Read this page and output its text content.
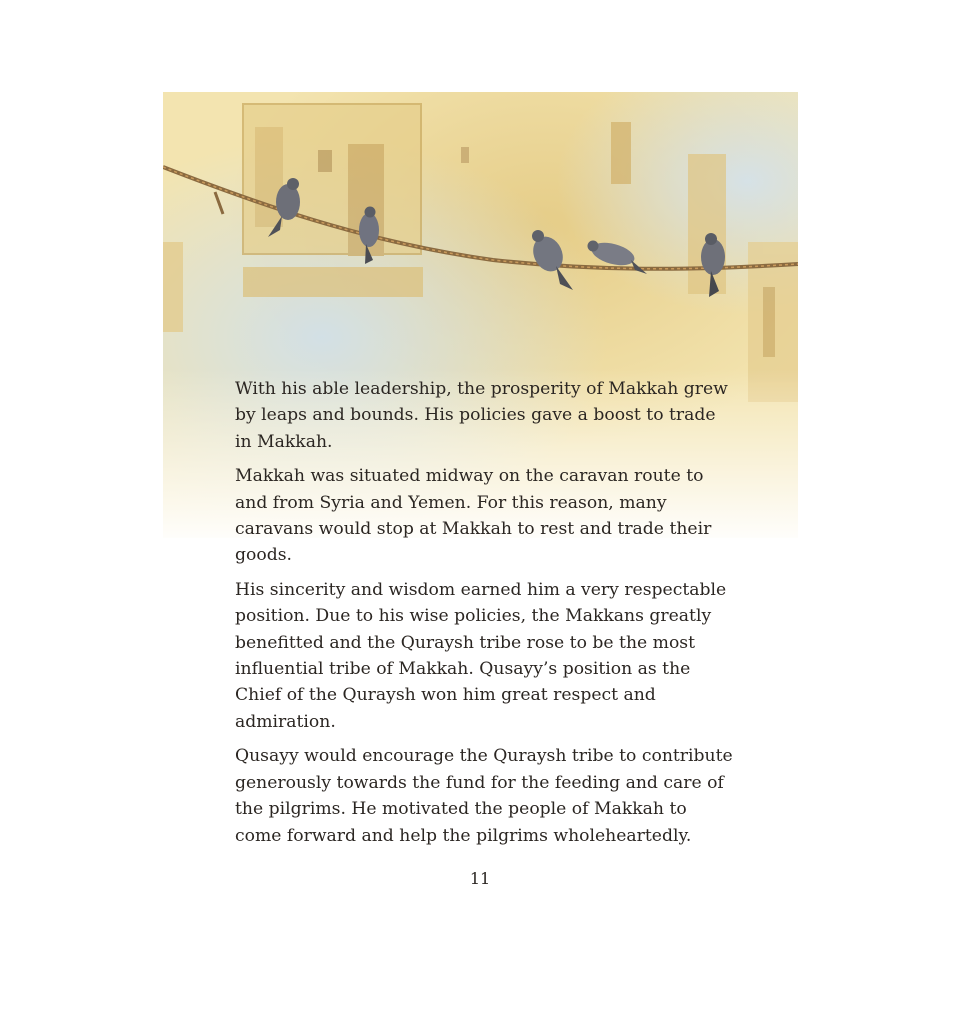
With his able leadership, the prosperity of Makkah grew by leaps and bounds. His policies gave a boost to trade in Makkah.

Makkah was situated midway on the caravan route to and from Syria and Yemen. For this reason, many caravans would stop at Makkah to rest and trade their goods.

His sincerity and wisdom earned him a very respectable position. Due to his wise policies, the Makkans greatly benefitted and the Quraysh tribe rose to be the most influential tribe of Makkah. Qusayy’s position as the Chief of the Quraysh won him great respect and admiration.

Qusayy would encourage the Quraysh tribe to contribute generously towards the fund for the feeding and care of the pilgrims. He motivated the people of Makkah to come forward and help the pilgrims wholeheartedly.

11
